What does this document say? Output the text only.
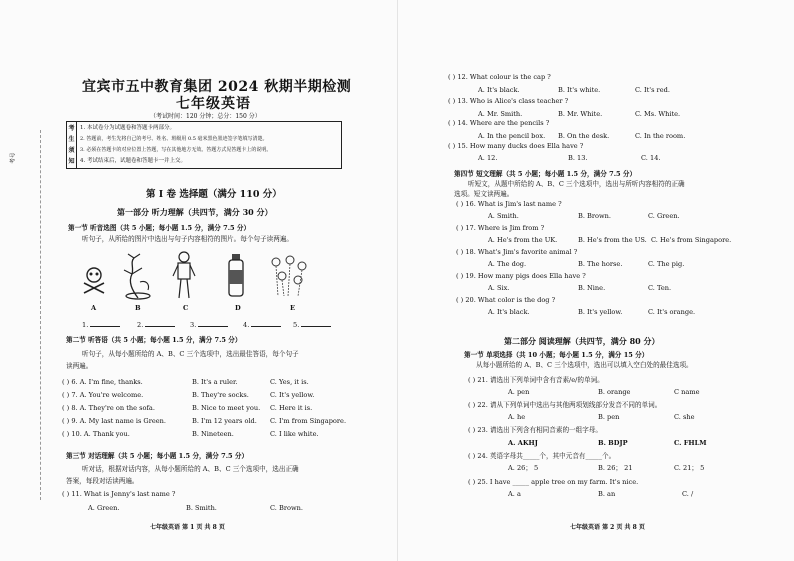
考号
宜宾市五中教育集团 2024 秋期半期检测
七年级英语
（考试时间：120 分钟；总分：150 分）
考
生
须
知

1. 本试卷分为试题卷和答题卡两部分。
2. 答题前，考生先将自己的考号、姓名、班级用 0.5 毫米黑色墨迹签字笔填写清楚。
3. 必须在答题卡的对应位置上答题，写在其他地方无效。答题方式见答题卡上的说明。
4. 考试结束后，试题卷和答题卡一并上交。
第 I 卷 选择题（满分 110 分）
第一部分 听力理解（共四节，满分 30 分）
第一节 听音选图（共 5 小题；每小题 1.5 分，满分 7.5 分）
听句子，从所给的图片中选出与句子内容相符的图片。每个句子读两遍。
A	B	C	D	E
1.	2.	3.	4.	5.
第二节 听答语（共 5 小题；每小题 1.5 分，满分 7.5 分）
听句子，从每小题所给的 A、B、C 三个选项中，选出最佳答语，每个句子
读两遍。
( ) 6. A. I'm fine, thanks.	B. It's a ruler.	C. Yes, it is.
( ) 7. A. You're welcome.	B. They're socks.	C. It's yellow.
( ) 8. A. They're on the sofa.	B. Nice to meet you. C. Here it is.
( ) 9. A. My last name is Green.	B. I'm 12 years old. C. I'm from Singapore.
( ) 10. A. Thank you.	B. Nineteen.	C. I like white.
第三节 对话理解（共 5 小题；每小题 1.5 分，满分 7.5 分）
听对话，根据对话内容，从每小题所给的 A、B、C 三个选项中，选出正确
答案，每段对话读两遍。
( ) 11. What is Jenny's last name ?
A. Green.	B. Smith.	C. Brown.
七年级英语 第 1 页 共 8 页
( ) 12. What colour is the cap ?
A. It's black.	B. It's white.	C. It's red.
( ) 13. Who is Alice's class teacher ?
A. Mr. Smith.	B. Mr. White.	C. Ms. White.
( ) 14. Where are the pencils ?
A. In the pencil box. B. On the desk.	C. In the room.
( ) 15. How many ducks does Ella have ?
A. 12.	B. 13.	C. 14.
第四节 短文理解（共 5 小题；每小题 1.5 分，满分 7.5 分）
听短文，从题中所给的 A、B、C 三个选项中，选出与所听内容相符的正确
选项。短文读两遍。
( ) 16. What is Jim's last name ?
A. Smith.	B. Brown.	C. Green.
( ) 17. Where is Jim from ?
A. He's from the UK.	B. He's from the US. C. He's from Singapore.
( ) 18. What's Jim's favorite animal ?
A. The dog.	B. The horse.	C. The pig.
( ) 19. How many pigs does Ella have ?
A. Six.	B. Nine.	C. Ten.
( ) 20. What color is the dog ?
A. It's black.	B. It's yellow.	C. It's orange.
第二部分 阅读理解（共四节，满分 80 分）
第一节 单项选择（共 10 小题；每小题 1.5 分，满分 15 分）
从每小题所给的 A、B、C 三个选项中，选出可以填入空白处的最佳选项。
( ) 21. 请选出下列单词中含有音素/e/的单词。
A. pen	B. orange	C name
( ) 22. 请从下列单词中选出与其他两项划线部分发音不同的单词。
A. he	B. pen	C. she
( ) 23. 请选出下列含有相同音素的一组字母。
A. AKHJ	B. BDJP	C. FHLM
( ) 24. 英语字母共_____个，其中元音有_____个。
A. 26； 5	B. 26； 21	C. 21； 5
( ) 25. I have _____ apple tree on my farm. It's nice.
A. a	B. an	C. /
七年级英语 第 2 页 共 8 页
